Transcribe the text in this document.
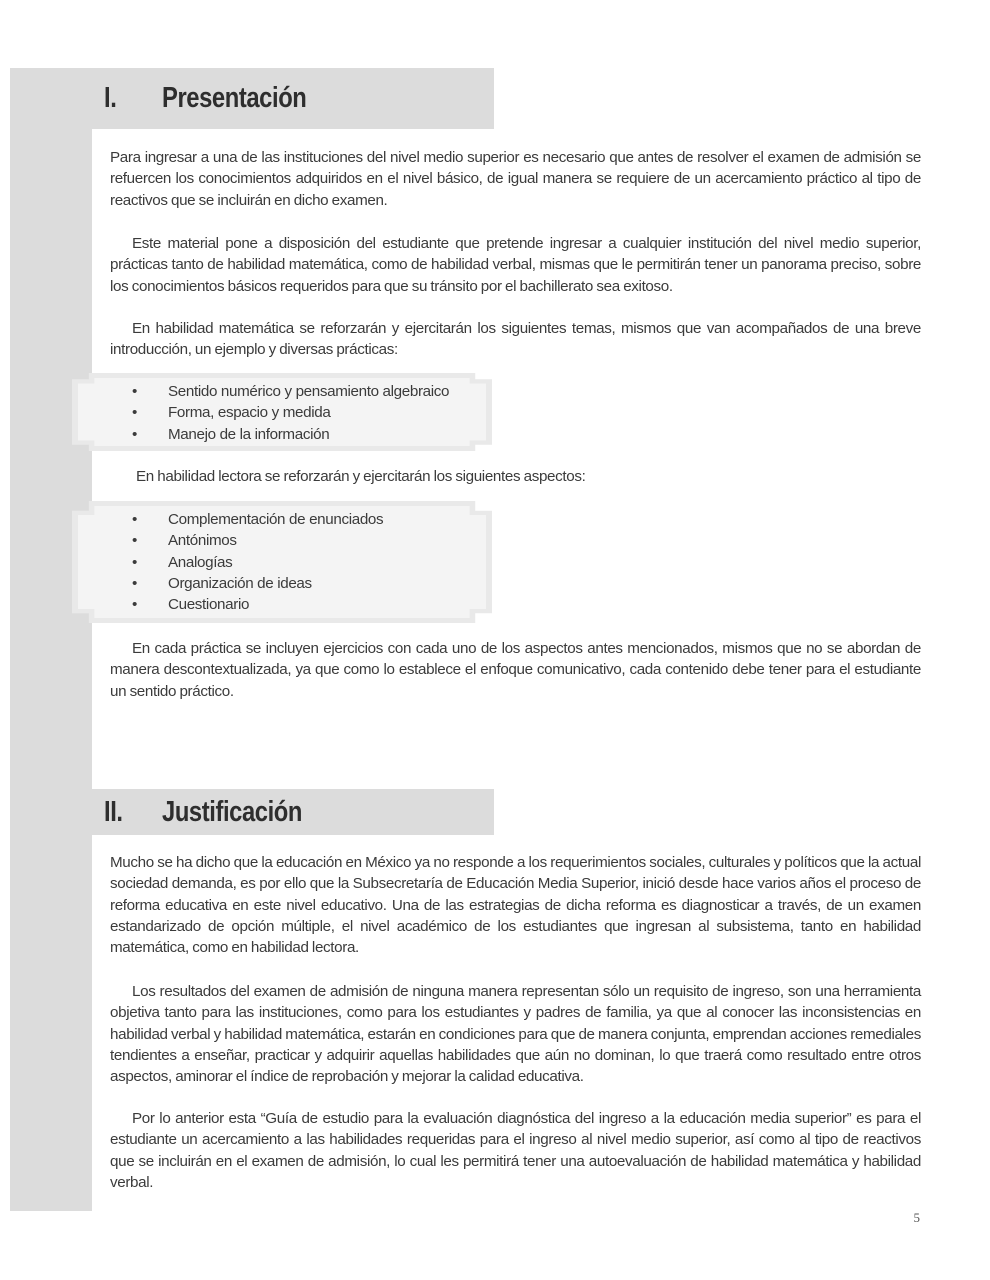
I. Presentación

Para ingresar a una de las instituciones del nivel medio superior es necesario que antes de resolver el examen de admisión se refuercen los conocimientos adquiridos en el nivel básico, de igual manera se requiere de un acercamiento práctico al tipo de reactivos que se incluirán en dicho examen.

Este material pone a disposición del estudiante que pretende ingresar a cualquier institución del nivel medio superior, prácticas tanto de habilidad matemática, como de habilidad verbal, mismas que le permitirán tener un panorama preciso, sobre los conocimientos básicos requeridos para que su tránsito por el bachillerato sea exitoso.

En habilidad matemática se reforzarán y ejercitarán los siguientes temas, mismos que van acompañados de una breve introducción, un ejemplo y diversas prácticas:

• Sentido numérico y pensamiento algebraico
• Forma, espacio y medida
• Manejo de la información

En habilidad lectora se reforzarán y ejercitarán los siguientes aspectos:

• Complementación de enunciados
• Antónimos
• Analogías
• Organización de ideas
• Cuestionario

En cada práctica se incluyen ejercicios con cada uno de los aspectos antes mencionados, mismos que no se abordan de manera descontextualizada, ya que como lo establece el enfoque comunicativo, cada contenido debe tener para el estudiante un sentido práctico.

II. Justificación

Mucho se ha dicho que la educación en México ya no responde a los requerimientos sociales, culturales y políticos que la actual sociedad demanda, es por ello que la Subsecretaría de Educación Media Superior, inició desde hace varios años el proceso de reforma educativa en este nivel educativo. Una de las estrategias de dicha reforma es diagnosticar a través, de un examen estandarizado de opción múltiple, el nivel académico de los estudiantes que ingresan al subsistema, tanto en habilidad matemática, como en habilidad lectora.

Los resultados del examen de admisión de ninguna manera representan sólo un requisito de ingreso, son una herramienta objetiva tanto para las instituciones, como para los estudiantes y padres de familia, ya que al conocer las inconsistencias en habilidad verbal y habilidad matemática, estarán en condiciones para que de manera conjunta, emprendan acciones remediales tendientes a enseñar, practicar y adquirir aquellas habilidades que aún no dominan, lo que traerá como resultado entre otros aspectos, aminorar el índice de reprobación y mejorar la calidad educativa.

Por lo anterior esta “Guía de estudio para la evaluación diagnóstica del ingreso a la educación media superior” es para el estudiante un acercamiento a las habilidades requeridas para el ingreso al nivel medio superior, así como al tipo de reactivos que se incluirán en el examen de admisión, lo cual les permitirá tener una autoevaluación de habilidad matemática y habilidad verbal.

5
